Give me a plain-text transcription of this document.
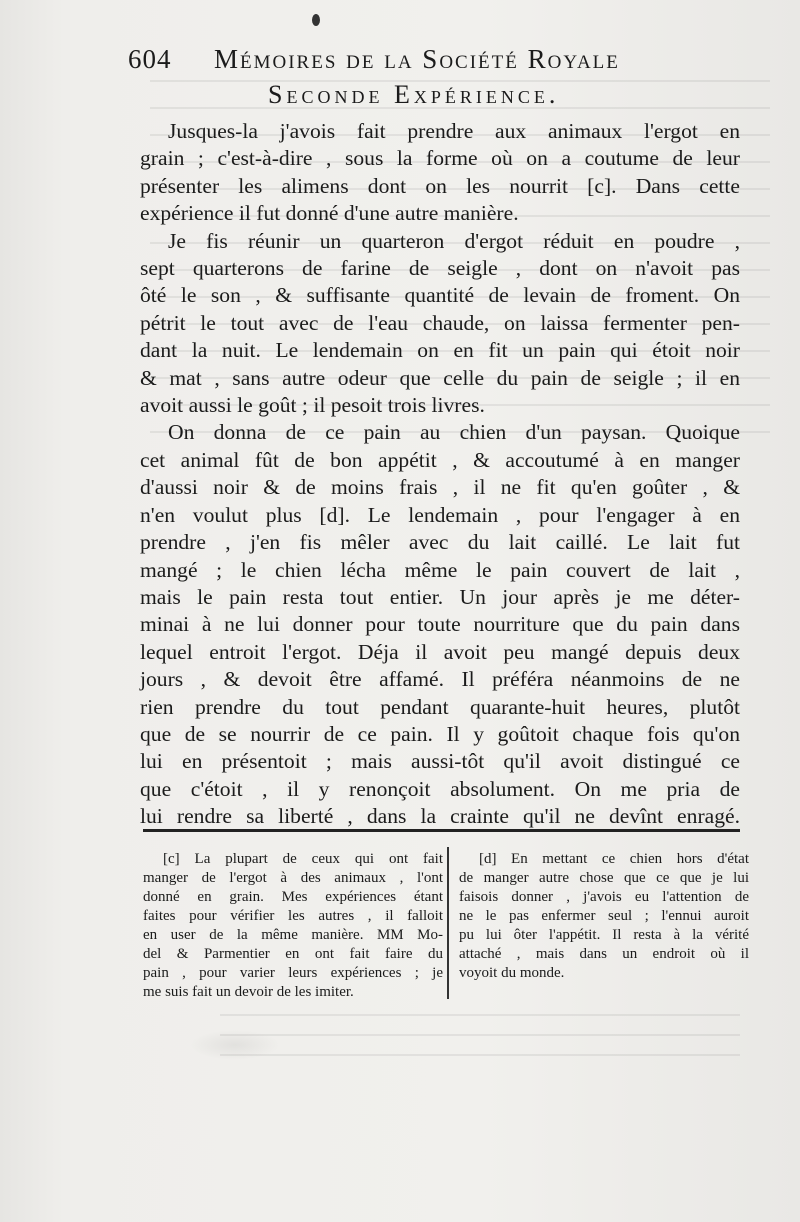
604 Mémoires de la Société Royale
Seconde Expérience.
Jusques-la j'avois fait prendre aux animaux l'ergot en
grain ; c'est-à-dire , sous la forme où on a coutume de leur
présenter les alimens dont on les nourrit [c]. Dans cette
expérience il fut donné d'une autre manière.
Je fis réunir un quarteron d'ergot réduit en poudre ,
sept quarterons de farine de seigle , dont on n'avoit pas
ôté le son , & suffisante quantité de levain de froment. On
pétrit le tout avec de l'eau chaude, on laissa fermenter pen-
dant la nuit. Le lendemain on en fit un pain qui étoit noir
& mat , sans autre odeur que celle du pain de seigle ; il en
avoit aussi le goût ; il pesoit trois livres.
On donna de ce pain au chien d'un paysan. Quoique
cet animal fût de bon appétit , & accoutumé à en manger
d'aussi noir & de moins frais , il ne fit qu'en goûter , &
n'en voulut plus [d]. Le lendemain , pour l'engager à en
prendre , j'en fis mêler avec du lait caillé. Le lait fut
mangé ; le chien lécha même le pain couvert de lait ,
mais le pain resta tout entier. Un jour après je me déter-
minai à ne lui donner pour toute nourriture que du pain dans
lequel entroit l'ergot. Déja il avoit peu mangé depuis deux
jours , & devoit être affamé. Il préféra néanmoins de ne
rien prendre du tout pendant quarante-huit heures, plutôt
que de se nourrir de ce pain. Il y goûtoit chaque fois qu'on
lui en présentoit ; mais aussi-tôt qu'il avoit distingué ce
que c'étoit , il y renonçoit absolument. On me pria de
lui rendre sa liberté , dans la crainte qu'il ne devînt enragé.
[c] La plupart de ceux qui ont fait
manger de l'ergot à des animaux , l'ont
donné en grain. Mes expériences étant
faites pour vérifier les autres , il falloit
en user de la même manière. MM Mo-
del & Parmentier en ont fait faire du
pain , pour varier leurs expériences ; je
me suis fait un devoir de les imiter.
[d] En mettant ce chien hors d'état
de manger autre chose que ce que je lui
faisois donner , j'avois eu l'attention de
ne le pas enfermer seul ; l'ennui auroit
pu lui ôter l'appétit. Il resta à la vérité
attaché , mais dans un endroit où il
voyoit du monde.
